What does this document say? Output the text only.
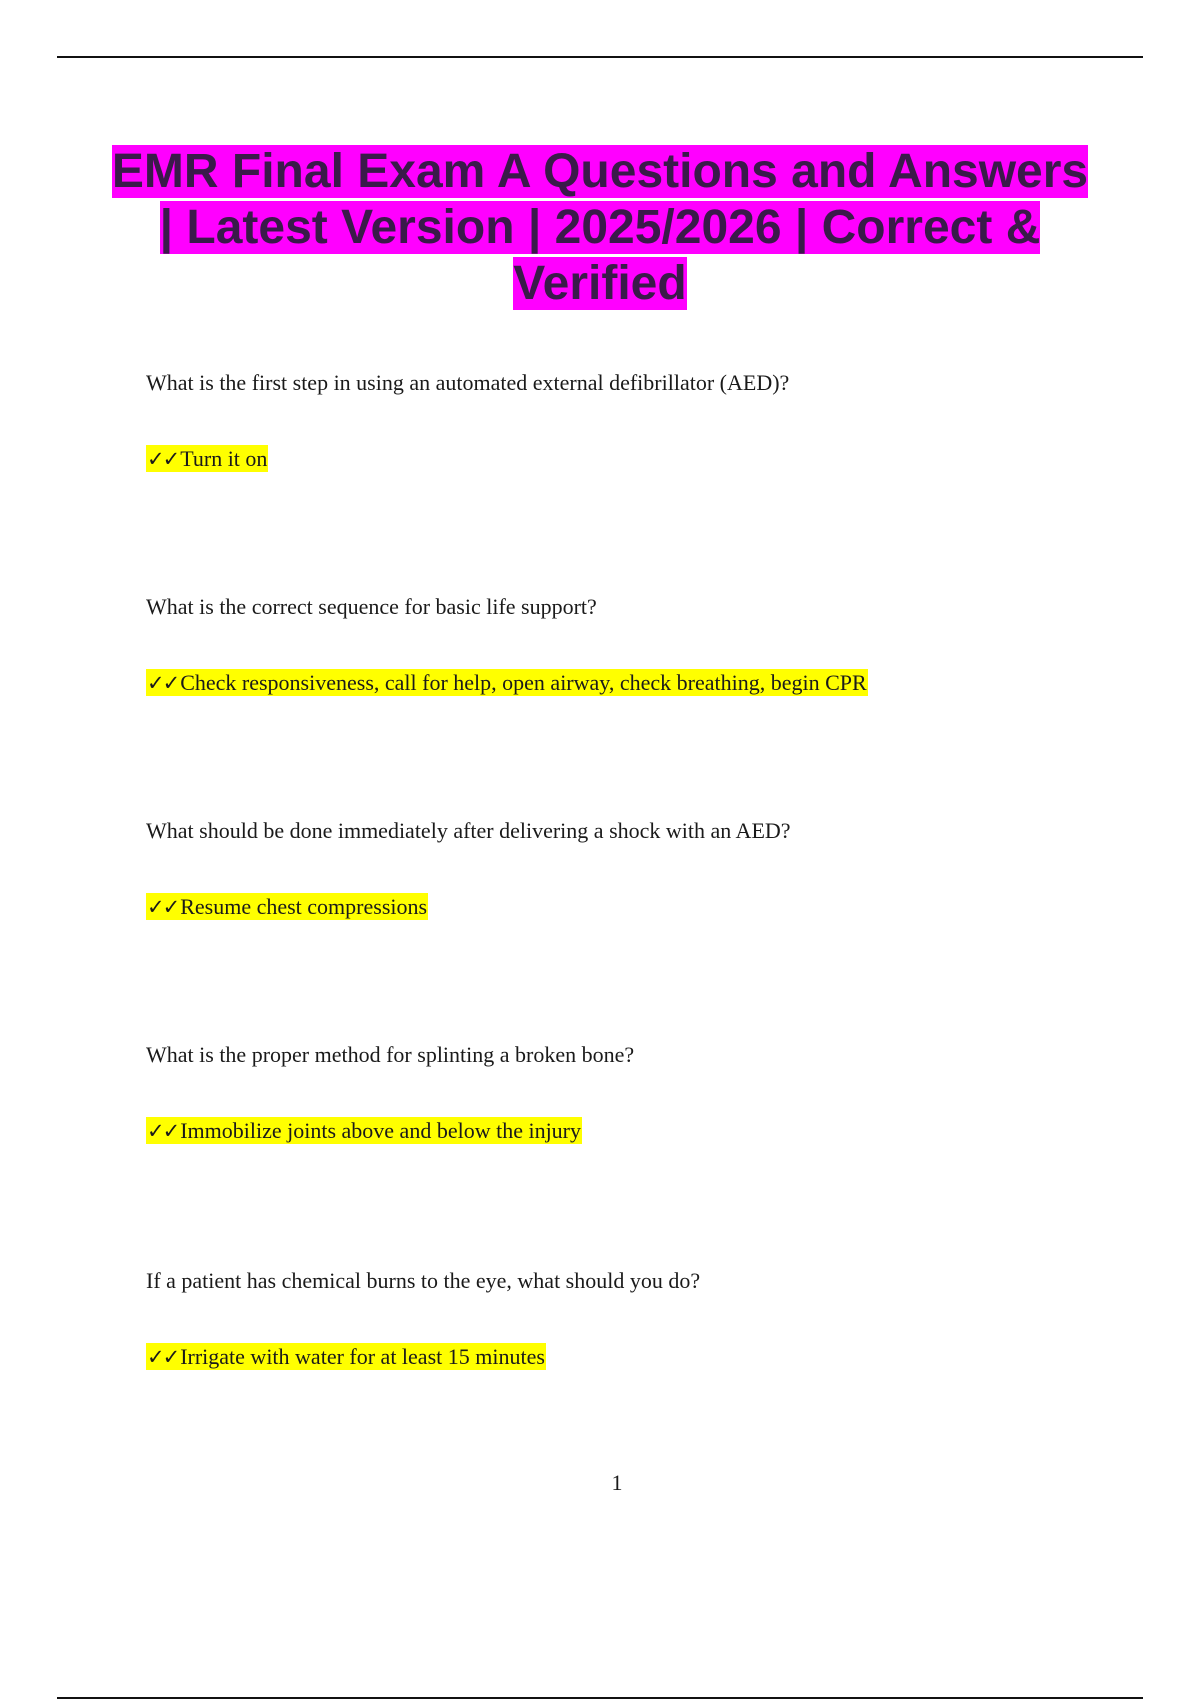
EMR Final Exam A Questions and Answers | Latest Version | 2025/2026 | Correct & Verified

What is the first step in using an automated external defibrillator (AED)?

✓✓Turn it on

What is the correct sequence for basic life support?

✓✓Check responsiveness, call for help, open airway, check breathing, begin CPR

What should be done immediately after delivering a shock with an AED?

✓✓Resume chest compressions

What is the proper method for splinting a broken bone?

✓✓Immobilize joints above and below the injury

If a patient has chemical burns to the eye, what should you do?

✓✓Irrigate with water for at least 15 minutes
1
